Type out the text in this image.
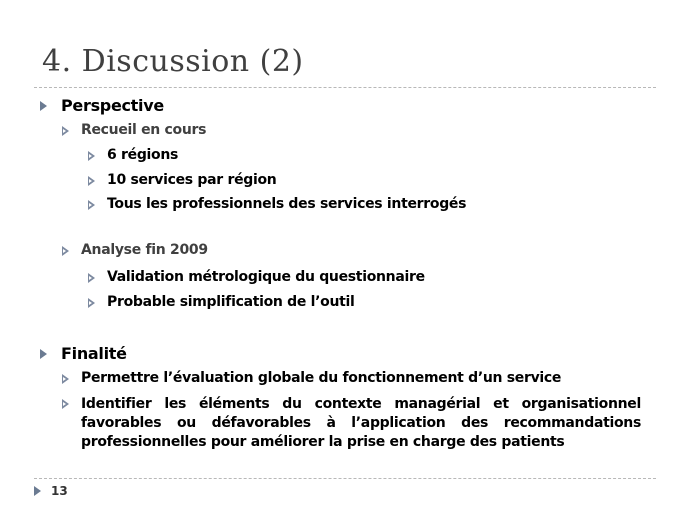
4. Discussion (2)
Perspective
Recueil en cours
6 régions
10 services par région
Tous les professionnels des services interrogés
Analyse fin 2009
Validation métrologique du questionnaire
Probable simplification de l’outil
Finalité
Permettre l’évaluation globale du fonctionnement d’un service
Identifier les éléments du contexte managérial et organisationnel favorables ou défavorables à l’application des recommandations professionnelles pour améliorer la prise en charge des patients
13
